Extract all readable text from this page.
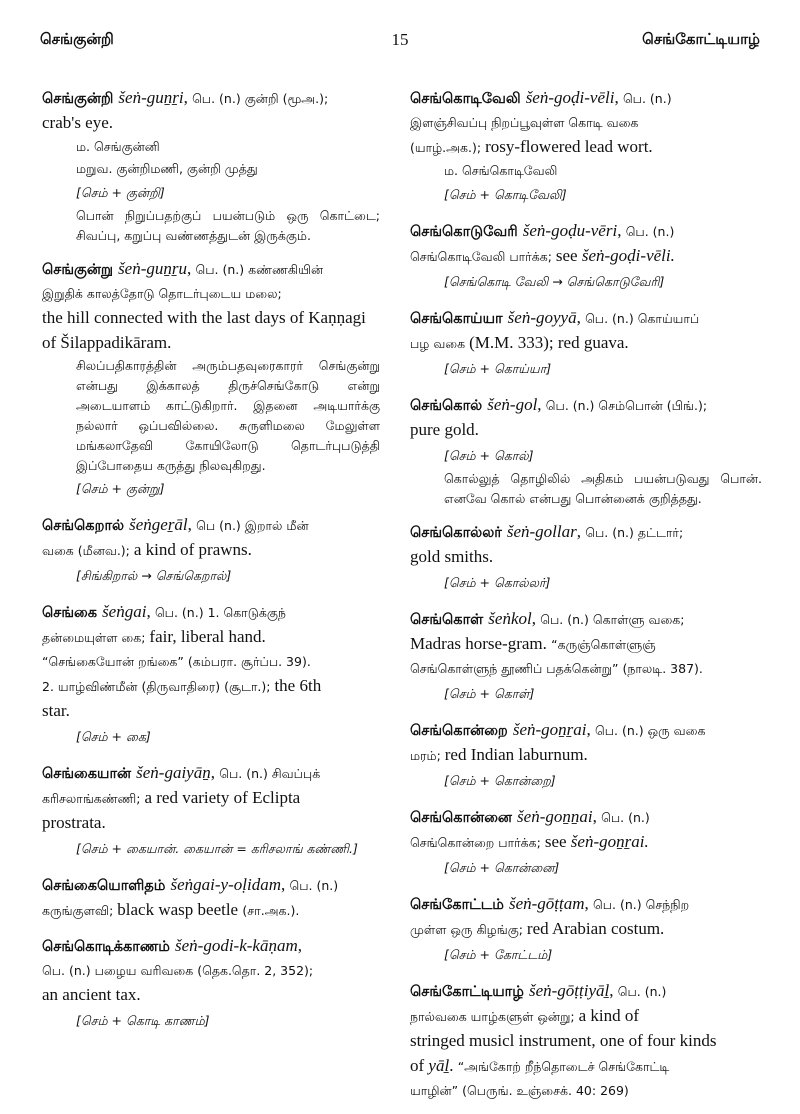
செங்குன்றி	15	செங்கோட்டியாழ்
செங்குன்றி šeṅ-guṉṟi, பெ. (n.) குன்றி (மூஅ.);
crab's eye.
ம. செங்குன்னி
மறுவ. குன்றிமணி, குன்றி முத்து
[செம் + குன்றி]
பொன் நிறுப்பதற்குப் பயன்படும் ஒரு கொட்டை; சிவப்பு, கறுப்பு வண்ணத்துடன் இருக்கும்.
செங்குன்று šeṅ-guṉṟu, பெ. (n.) கண்ணகியின்
இறுதிக் காலத்தோடு தொடர்புடைய மலை;
the hill connected with the last days of Kaṇṇagi
of Šilappadikāram.
சிலப்பதிகாரத்தின் அரும்பதவுரைகாரர் செங்குன்று என்பது இக்காலத் திருச்செங்கோடு என்று அடையாளம் காட்டுகிறார். இதனை அடியார்க்கு நல்லார் ஒப்பவில்லை. சுருளிமலை மேலுள்ள மங்கலாதேவி கோயிலோடு தொடர்புபடுத்தி இப்போதைய கருத்து நிலவுகிறது.
[செம் + குன்று]
செங்கெறால் šeṅgeṟāl, பெ (n.) இறால் மீன்
வகை (மீனவ.); a kind of prawns.
[சிங்கிறால் → செங்கெறால்]
செங்கை šeṅgai, பெ. (n.) 1. கொடுக்குந்
தன்மையுள்ள கை; fair, liberal hand.
“செங்கையோன் றங்கை” (கம்பரா. சூர்ப்ப. 39).
2. யாழ்விண்மீன் (திருவாதிரை) (சூடா.); the 6th
star.
[செம் + கை]
செங்கையான் šeṅ-gaiyāṉ, பெ. (n.) சிவப்புக்
கரிசலாங்கண்ணி; a red variety of Eclipta
prostrata.
[செம் + கையான். கையான் = கரிசலாங் கண்ணி.]
செங்கையொளிதம் šeṅgai-y-oḷidam, பெ. (n.)
கருங்குளவி; black wasp beetle (சா.அக.).
செங்கொடிக்காணம் šeṅ-godi-k-kāṇam,
பெ. (n.) பழைய வரிவகை (தெக.தொ. 2, 352);
an ancient tax.
[செம் + கொடி காணம்]
செங்கொடிவேலி šeṅ-goḍi-vēli, பெ. (n.)
இளஞ்சிவப்பு நிறப்பூவுள்ள கொடி வகை
(யாழ்.அக.); rosy-flowered lead wort.
ம. செங்கொடிவேலி
[செம் + கொடிவேலி]
செங்கொடுவேரி šeṅ-goḍu-vēri, பெ. (n.)
செங்கொடிவேலி பார்க்க; see šeṅ-goḍi-vēli.
[செங்கொடி வேலி → செங்கொடுவேரி]
செங்கொய்யா šeṅ-goyyā, பெ. (n.) கொய்யாப்
பழ வகை (M.M. 333); red guava.
[செம் + கொய்யா]
செங்கொல் šeṅ-gol, பெ. (n.) செம்பொன் (பிங்.);
pure gold.
[செம் + கொல்]
கொல்லுத் தொழிலில் அதிகம் பயன்படுவது பொன். எனவே கொல் என்பது பொன்னைக் குறித்தது.
செங்கொல்லர் šeṅ-gollar, பெ. (n.) தட்டார்;
gold smiths.
[செம் + கொல்லர்]
செங்கொள் šeṅkol, பெ. (n.) கொள்ளு வகை;
Madras horse-gram. “கருஞ்கொள்ளுஞ்
செங்கொள்ளுந் தூணிப் பதக்கென்று” (நாலடி. 387).
[செம் + கொள்]
செங்கொன்றை šeṅ-goṉṟai, பெ. (n.) ஒரு வகை
மரம்; red Indian laburnum.
[செம் + கொன்றை]
செங்கொன்னை šeṅ-goṉṉai, பெ. (n.)
செங்கொன்றை பார்க்க; see šeṅ-goṉṟai.
[செம் + கொன்னை]
செங்கோட்டம் šeṅ-gōṭṭam, பெ. (n.) செந்நிற
முள்ள ஒரு கிழங்கு; red Arabian costum.
[செம் + கோட்டம்]
செங்கோட்டியாழ் šeṅ-gōṭṭiyāḻ, பெ. (n.)
நால்வகை யாழ்களுள் ஒன்று; a kind of
stringed musicl instrument, one of four kinds
of yāḻ. “அங்கோற் றீந்தொடைச் செங்கோட்டி
யாழின்” (பெருங். உஞ்சைக். 40: 269)
